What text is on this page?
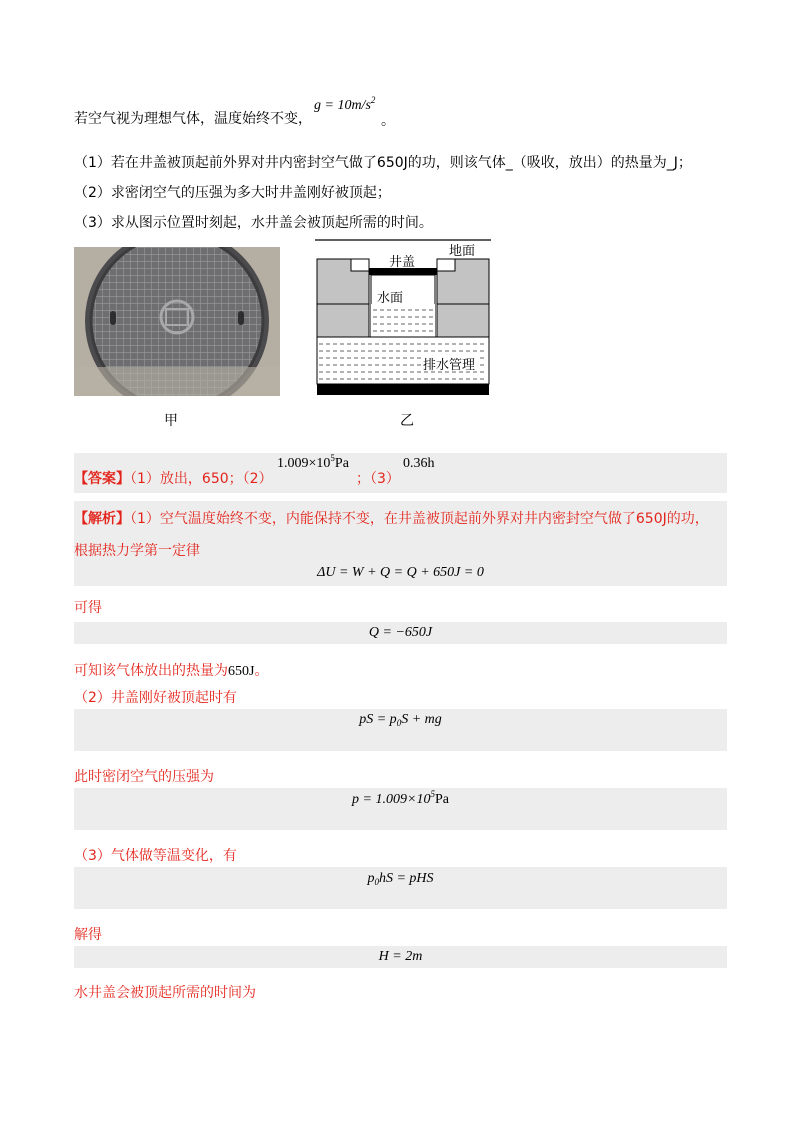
若空气视为理想气体，温度始终不变，
$g = 10m/s^2$
。
（1）若在井盖被顶起前外界对井内密封空气做了650J的功，则该气体_（吸收，放出）的热量为_J；
（2）求密闭空气的压强为多大时井盖刚好被顶起；
（3）求从图示位置时刻起，水井盖会被顶起所需的时间。
甲
井盖
地面
水面
排水管理
乙
【答案】（1）放出，650；（2）
$1.009\times 10^5Pa$
；（3）
0.36h
【解析】（1）空气温度始终不变，内能保持不变，在井盖被顶起前外界对井内密封空气做了650J的功，
根据热力学第一定律
ΔU = W + Q = Q + 650J = 0
可得
Q = −650J
可知该气体放出的热量为650J。
（2）井盖刚好被顶起时有
pS = $p_0S$ + mg
此时密闭空气的压强为
$p = 1.009\times 10^5Pa$
（3）气体做等温变化，有
$p_0hS$ = pHS
解得
H = 2m
水井盖会被顶起所需的时间为
